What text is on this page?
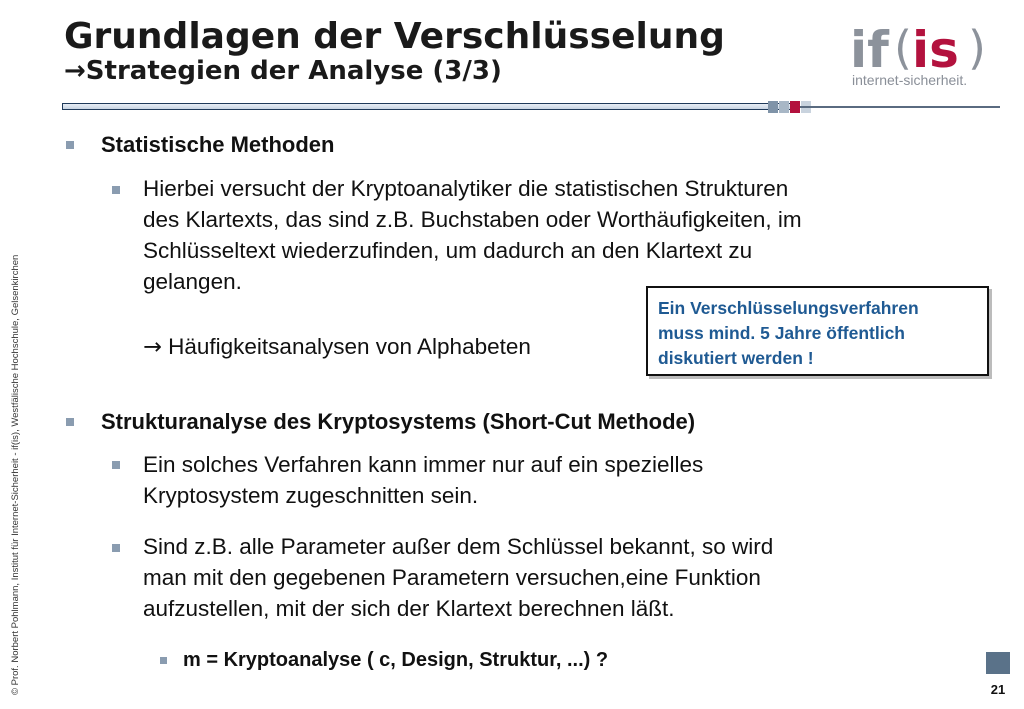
Grundlagen der Verschlüsselung
→Strategien der Analyse (3/3)	if ( is )
internet-sicherheit.
© Prof. Norbert Pohlmann, Institut für Internet-Sicherheit - if(is), Westfälische Hochschule, Gelsenkirchen
Statistische Methoden
Hierbei versucht der Kryptoanalytiker die statistischen Strukturen
des Klartexts, das sind z.B. Buchstaben oder Worthäufigkeiten, im
Schlüsseltext wiederzufinden, um dadurch an den Klartext zu
gelangen.
→ Häufigkeitsanalysen von Alphabeten
Ein Verschlüsselungsverfahren
muss mind. 5 Jahre öffentlich
diskutiert werden !
Strukturanalyse des Kryptosystems (Short-Cut Methode)
Ein solches Verfahren kann immer nur auf ein spezielles
Kryptosystem zugeschnitten sein.
Sind z.B. alle Parameter außer dem Schlüssel bekannt, so wird
man mit den gegebenen Parametern versuchen,eine Funktion
aufzustellen, mit der sich der Klartext berechnen läßt.
m = Kryptoanalyse ( c, Design, Struktur, ...) ?
21
